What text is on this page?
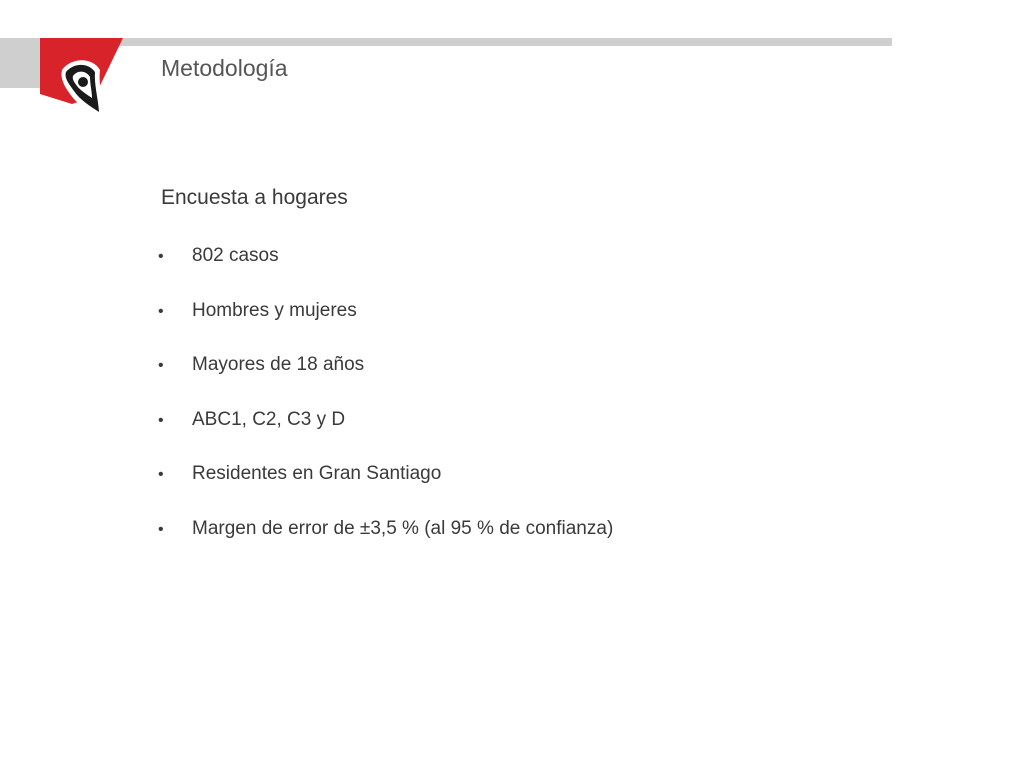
Metodología
Encuesta a hogares
•	802 casos
•	Hombres y mujeres
•	Mayores de 18 años
•	ABC1, C2, C3 y D
•	Residentes en Gran Santiago
•	Margen de error de ±3,5 % (al 95 % de confianza)
